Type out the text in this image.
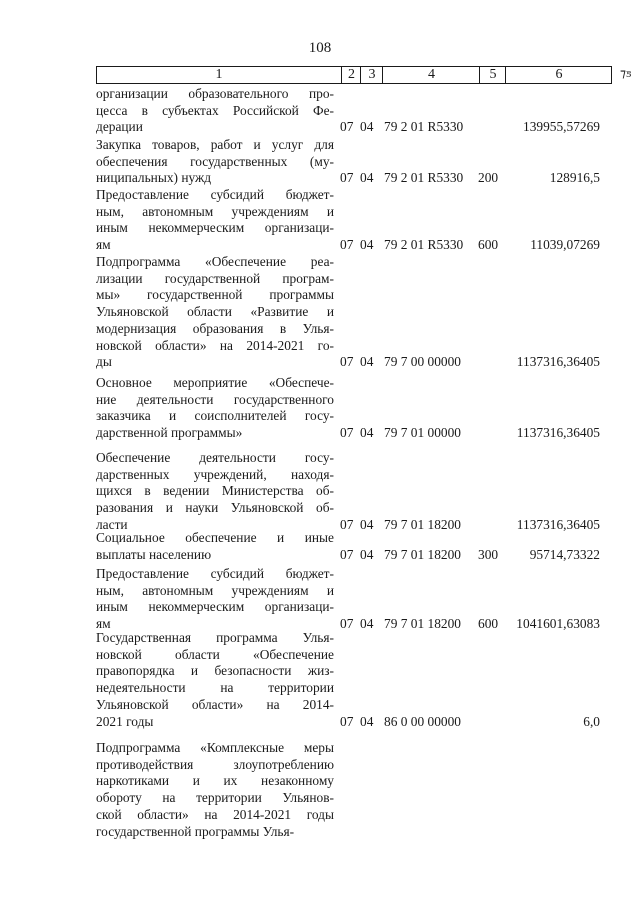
108
1	2 3	4	5	6	⁊ƽ
организации образовательного про-
цесса в субъектах Российской Фе-
дерации	07 04 79 2 01 R5330	139955,57269
Закупка товаров, работ и услуг для
обеспечения государственных (му-
ниципальных) нужд	07 04 79 2 01 R5330 200	128916,5
Предоставление субсидий бюджет-
ным, автономным учреждениям и
иным некоммерческим организаци-
ям	07 04 79 2 01 R5330 600 11039,07269
Подпрограмма «Обеспечение реа-
лизации государственной програм-
мы» государственной программы
Ульяновской области «Развитие и
модернизация образования в Улья-
новской области» на 2014-2021 го-
ды	07 04 79 7 00 00000	1137316,36405
Основное мероприятие «Обеспече-
ние деятельности государственного
заказчика и соисполнителей госу-
дарственной программы»	07 04 79 7 01 00000	1137316,36405
Обеспечение деятельности госу-
дарственных учреждений, находя-
щихся в ведении Министерства об-
разования и науки Ульяновской об-
ласти	07 04 79 7 01 18200	1137316,36405
Социальное обеспечение и иные
выплаты населению	07 04 79 7 01 18200 300 95714,73322
Предоставление субсидий бюджет-
ным, автономным учреждениям и
иным некоммерческим организаци-
ям	07 04 79 7 01 18200 600 1041601,63083
Государственная программа Улья-
новской области «Обеспечение
правопорядка и безопасности жиз-
недеятельности на территории
Ульяновской области» на 2014-
2021 годы	07 04 86 0 00 00000	6,0
Подпрограмма «Комплексные меры
противодействия злоупотреблению
наркотиками и их незаконному
обороту на территории Ульянов-
ской области» на 2014-2021 годы
государственной программы Улья-
